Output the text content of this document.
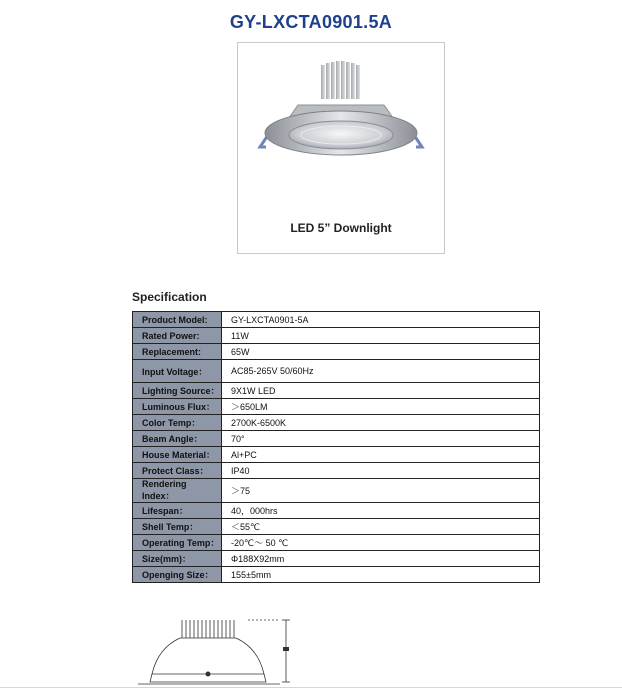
GY-LXCTA0901.5A
LED 5” Downlight
Specification
Product Model:	GY-LXCTA0901-5A
Rated Power:	11W
Replacement:	65W
Input Voltage：	AC85-265V 50/60Hz
Lighting Source：	9X1W LED
Luminous Flux：	＞650LM
Color Temp：	2700K-6500K
Beam Angle：	70°
House Material：	Al+PC
Protect Class：	IP40
Rendering Index：	＞75
Lifespan：	40，000hrs
Shell Temp：	＜55℃
Operating Temp：	-20℃～ 50 ℃
Size(mm)：	Φ188X92mm
Openging Size：	155±5mm
